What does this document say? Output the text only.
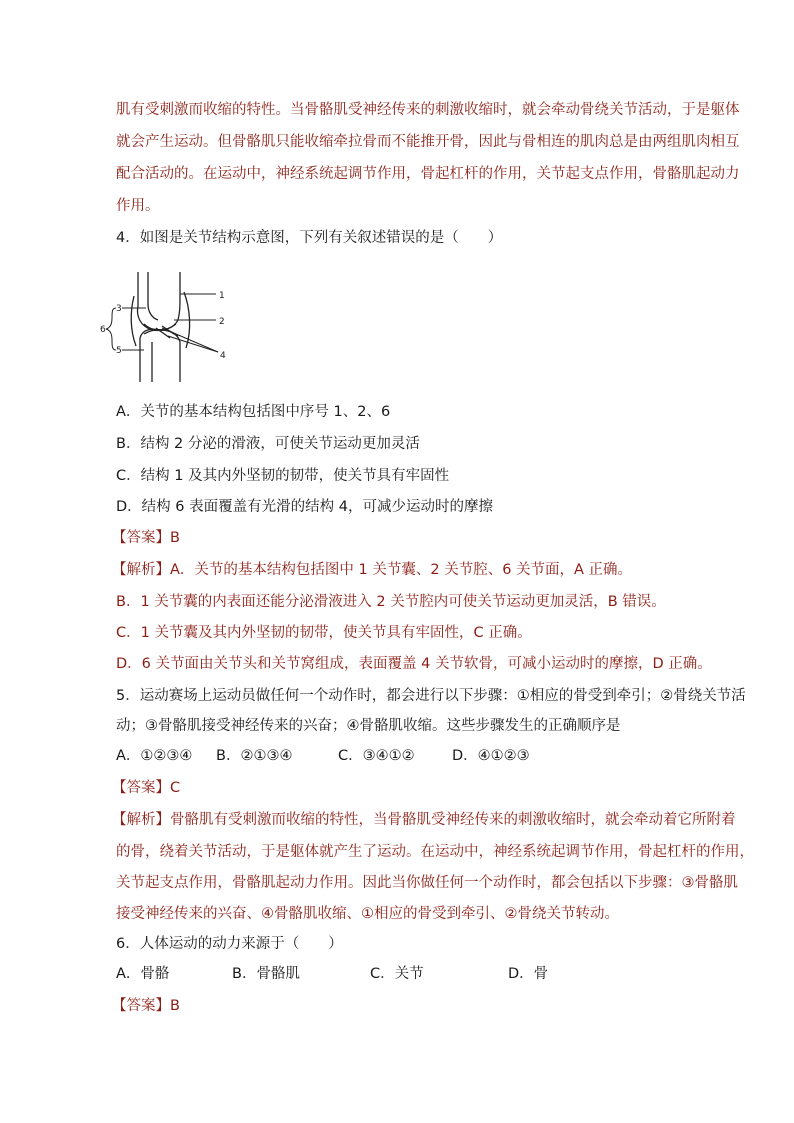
肌有受刺激而收缩的特性。当骨骼肌受神经传来的刺激收缩时，就会牵动骨绕关节活动，于是躯体
就会产生运动。但骨骼肌只能收缩牵拉骨而不能推开骨，因此与骨相连的肌肉总是由两组肌肉相互
配合活动的。在运动中，神经系统起调节作用，骨起杠杆的作用，关节起支点作用，骨骼肌起动力
作用。
4．如图是关节结构示意图，下列有关叙述错误的是（　　）
1
2
3
4
5
6
A．关节的基本结构包括图中序号 1、2、6
B．结构 2 分泌的滑液，可使关节运动更加灵活
C．结构 1 及其内外坚韧的韧带，使关节具有牢固性
D．结构 6 表面覆盖有光滑的结构 4，可减少运动时的摩擦
【答案】B
【解析】A．关节的基本结构包括图中 1 关节囊、2 关节腔、6 关节面，A 正确。
B．1 关节囊的内表面还能分泌滑液进入 2 关节腔内可使关节运动更加灵活，B 错误。
C．1 关节囊及其内外坚韧的韧带，使关节具有牢固性，C 正确。
D．6 关节面由关节头和关节窝组成，表面覆盖 4 关节软骨，可减小运动时的摩擦，D 正确。
5．运动赛场上运动员做任何一个动作时，都会进行以下步骤：①相应的骨受到牵引；②骨绕关节活
动；③骨骼肌接受神经传来的兴奋；④骨骼肌收缩。这些步骤发生的正确顺序是
A．①②③④ B．②①③④	C．③④①②	D．④①②③
【答案】C
【解析】骨骼肌有受刺激而收缩的特性，当骨骼肌受神经传来的刺激收缩时，就会牵动着它所附着
的骨，绕着关节活动，于是躯体就产生了运动。在运动中，神经系统起调节作用，骨起杠杆的作用，
关节起支点作用，骨骼肌起动力作用。因此当你做任何一个动作时，都会包括以下步骤：③骨骼肌
接受神经传来的兴奋、④骨骼肌收缩、①相应的骨受到牵引、②骨绕关节转动。
6．人体运动的动力来源于（　　）
A．骨骼	B．骨骼肌	C．关节	D．骨
【答案】B
